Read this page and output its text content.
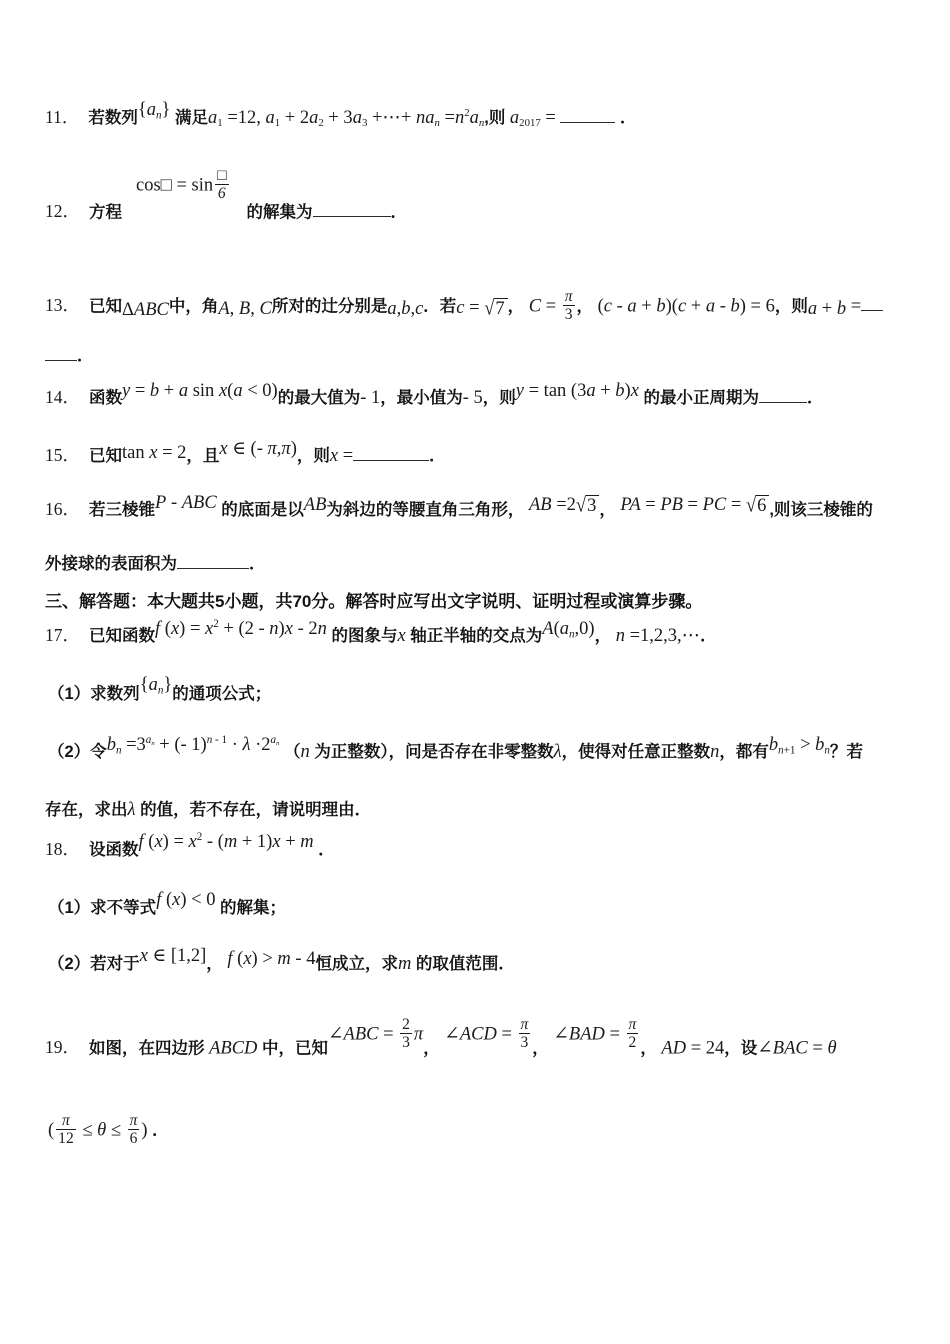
11． 若数列$\{a_n\}$ 满足$a_1 =12$, $a_1 + 2a_2 + 3a_3$ +⋯+ $na_n =n^2a_n$,则 $a_{2017}$ =	．
12． 方程cos□ = $\sin \frac{□}{6}$
的解集为	．
13． 已知ΔABC中，角A, B, C所对的辻分别是a,b,c．若c = √7 ， $C = \frac{\pi}{3}$ ， (c - a + b)(c + a - b) = 6，则a + b =
．
14． 函数y = b + a sin x(a < 0)的最大值为- 1，最小值为- 5，则y = tan (3a + b)x 的最小正周期为	．
15． 已知tan x = 2，且x ∈ (- π,π)，则x =	．
16． 若三棱锥P - ABC 的底面是以AB为斜边的等腰直角三角形， AB =2√3 ， PA = PB = PC = √6 ,则该三棱锥的
外接球的表面积为	．
三、解答题：本大题共5小题，共70分。解答时应写出文字说明、证明过程或演算步骤。
17． 已知函数f $(x) = x^2 + (2 - n)x - 2n$ 的图象与x 轴正半轴的交点为$A(a_n,0)$， n =1,2,3,⋯．
（1）求数列$\{a_n\}$的通项公式；
（2）令$b_n =3^{a_n}$ + (- $1)^{n - 1} \cdot \lambda \cdot 2^{a_n}$ （n 为正整数），问是否存在非零整数λ，使得对任意正整数n，都有$b_{n+1} > b_n$？若
存在，求出λ 的值，若不存在，请说明理由．
18． 设函数f $(x) = x^2 - (m + 1)x + m$ ．
（1）求不等式f (x) < 0 的解集；
（2）若对于x ∈ [1,2]， f (x) > m - 4恒成立，求m 的取值范围．
19． 如图，在四边形 ABCD 中，已知∠ABC = $\frac{2}{3}$ π， ∠ACD = $\frac{\pi}{3}$ ， ∠BAD = $\frac{\pi}{2}$ ， AD = 24，设∠BAC = θ
( $\frac{\pi}{12} \le \theta \le \frac{\pi}{6}$ ) ．
